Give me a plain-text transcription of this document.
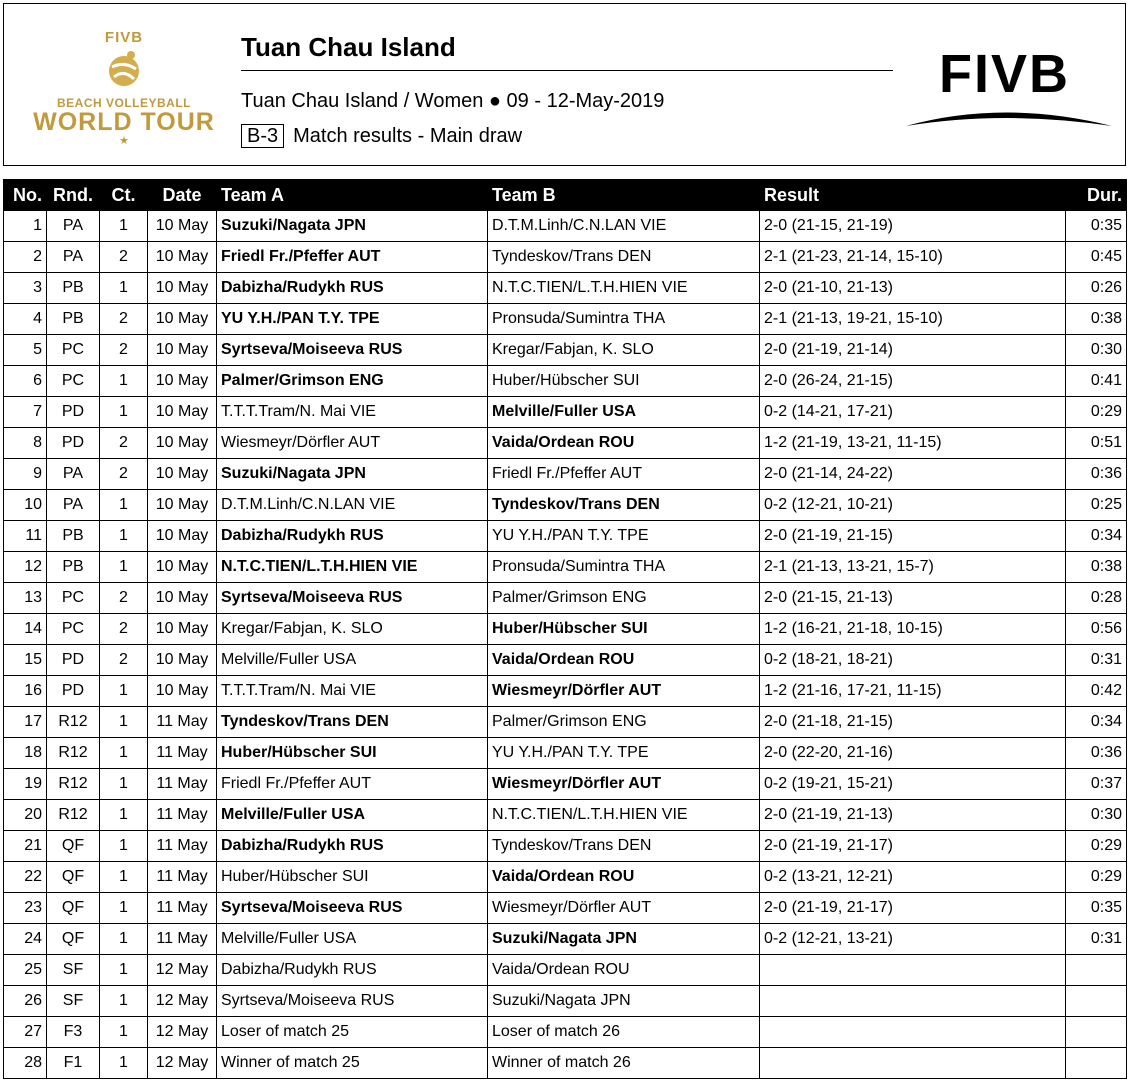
FIVB
BEACH VOLLEYBALL
WORLD TOUR
★
Tuan Chau Island
Tuan Chau Island / Women ● 09 - 12-May-2019
B-3 Match results - Main draw
FIVB
No.	Rnd.	Ct.	Date	Team A	Team B	Result	Dur.
1	PA	1	10 May	Suzuki/Nagata JPN	D.T.M.Linh/C.N.LAN VIE	2-0 (21-15, 21-19)	0:35
2	PA	2	10 May	Friedl Fr./Pfeffer AUT	Tyndeskov/Trans DEN	2-1 (21-23, 21-14, 15-10)	0:45
3	PB	1	10 May	Dabizha/Rudykh RUS	N.T.C.TIEN/L.T.H.HIEN VIE	2-0 (21-10, 21-13)	0:26
4	PB	2	10 May	YU Y.H./PAN T.Y. TPE	Pronsuda/Sumintra THA	2-1 (21-13, 19-21, 15-10)	0:38
5	PC	2	10 May	Syrtseva/Moiseeva RUS	Kregar/Fabjan, K. SLO	2-0 (21-19, 21-14)	0:30
6	PC	1	10 May	Palmer/Grimson ENG	Huber/Hübscher SUI	2-0 (26-24, 21-15)	0:41
7	PD	1	10 May	T.T.T.Tram/N. Mai VIE	Melville/Fuller USA	0-2 (14-21, 17-21)	0:29
8	PD	2	10 May	Wiesmeyr/Dörfler AUT	Vaida/Ordean ROU	1-2 (21-19, 13-21, 11-15)	0:51
9	PA	2	10 May	Suzuki/Nagata JPN	Friedl Fr./Pfeffer AUT	2-0 (21-14, 24-22)	0:36
10	PA	1	10 May	D.T.M.Linh/C.N.LAN VIE	Tyndeskov/Trans DEN	0-2 (12-21, 10-21)	0:25
11	PB	1	10 May	Dabizha/Rudykh RUS	YU Y.H./PAN T.Y. TPE	2-0 (21-19, 21-15)	0:34
12	PB	1	10 May	N.T.C.TIEN/L.T.H.HIEN VIE	Pronsuda/Sumintra THA	2-1 (21-13, 13-21, 15-7)	0:38
13	PC	2	10 May	Syrtseva/Moiseeva RUS	Palmer/Grimson ENG	2-0 (21-15, 21-13)	0:28
14	PC	2	10 May	Kregar/Fabjan, K. SLO	Huber/Hübscher SUI	1-2 (16-21, 21-18, 10-15)	0:56
15	PD	2	10 May	Melville/Fuller USA	Vaida/Ordean ROU	0-2 (18-21, 18-21)	0:31
16	PD	1	10 May	T.T.T.Tram/N. Mai VIE	Wiesmeyr/Dörfler AUT	1-2 (21-16, 17-21, 11-15)	0:42
17	R12	1	11 May	Tyndeskov/Trans DEN	Palmer/Grimson ENG	2-0 (21-18, 21-15)	0:34
18	R12	1	11 May	Huber/Hübscher SUI	YU Y.H./PAN T.Y. TPE	2-0 (22-20, 21-16)	0:36
19	R12	1	11 May	Friedl Fr./Pfeffer AUT	Wiesmeyr/Dörfler AUT	0-2 (19-21, 15-21)	0:37
20	R12	1	11 May	Melville/Fuller USA	N.T.C.TIEN/L.T.H.HIEN VIE	2-0 (21-19, 21-13)	0:30
21	QF	1	11 May	Dabizha/Rudykh RUS	Tyndeskov/Trans DEN	2-0 (21-19, 21-17)	0:29
22	QF	1	11 May	Huber/Hübscher SUI	Vaida/Ordean ROU	0-2 (13-21, 12-21)	0:29
23	QF	1	11 May	Syrtseva/Moiseeva RUS	Wiesmeyr/Dörfler AUT	2-0 (21-19, 21-17)	0:35
24	QF	1	11 May	Melville/Fuller USA	Suzuki/Nagata JPN	0-2 (12-21, 13-21)	0:31
25	SF	1	12 May	Dabizha/Rudykh RUS	Vaida/Ordean ROU		
26	SF	1	12 May	Syrtseva/Moiseeva RUS	Suzuki/Nagata JPN		
27	F3	1	12 May	Loser of match 25	Loser of match 26		
28	F1	1	12 May	Winner of match 25	Winner of match 26		
